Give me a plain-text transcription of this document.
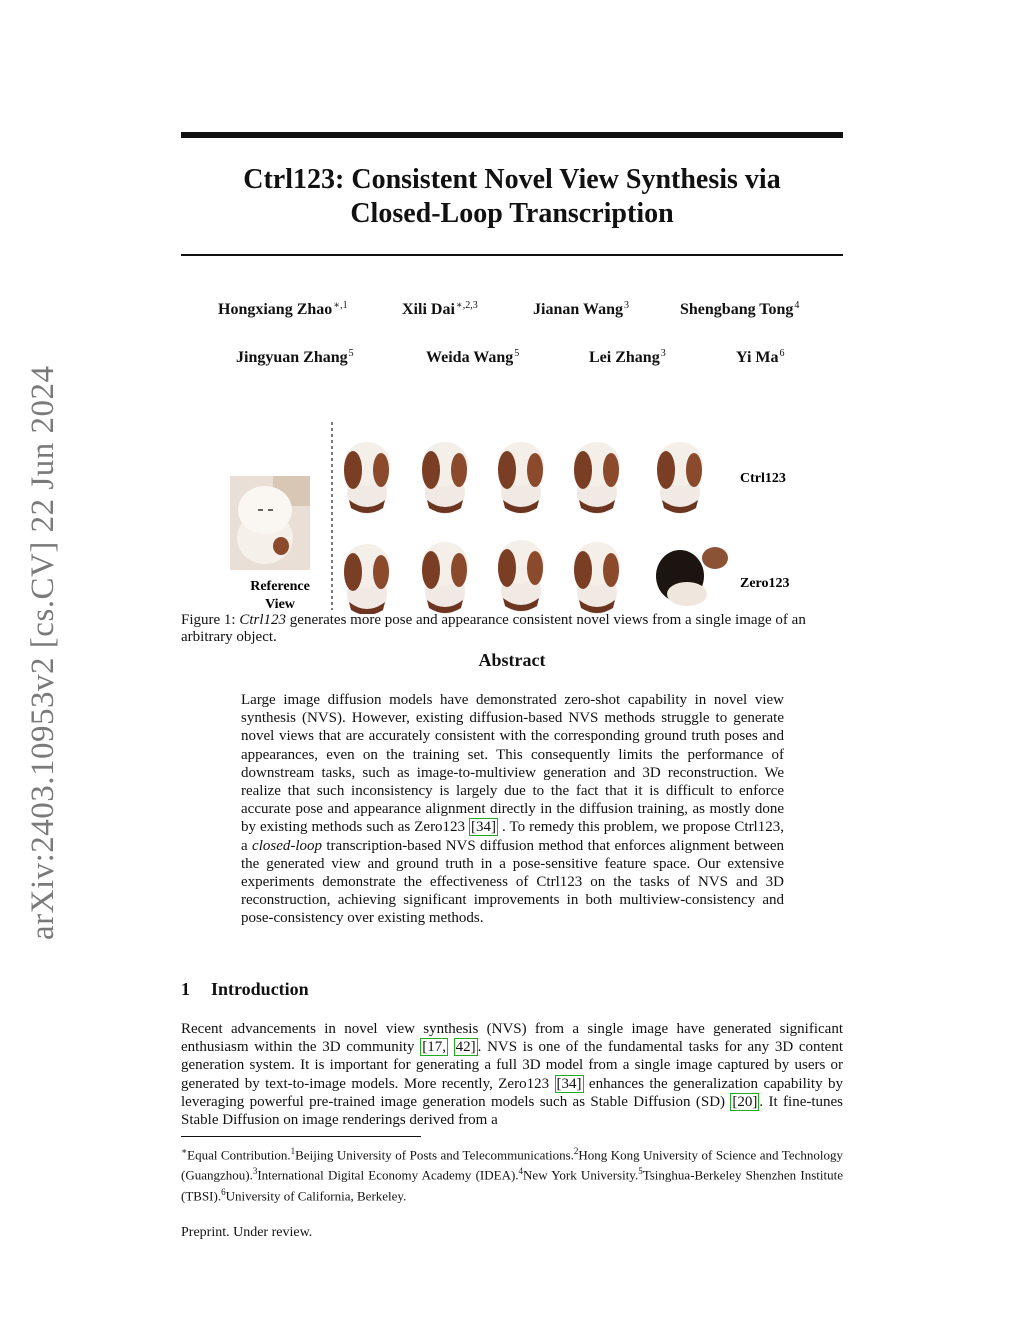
arXiv:2403.10953v2 [cs.CV] 22 Jun 2024
Ctrl123: Consistent Novel View Synthesis via
Closed-Loop Transcription
Hongxiang Zhao$^{∗,1}$	Xili Dai$^{∗,2,3}$	Jianan Wang$^3$	Shengbang Tong$^4$
Jingyuan Zhang$^5$	Weida Wang$^5$	Lei Zhang$^3$	Yi Ma$^6$
Reference
View
Ctrl123
Zero123
Figure 1: Ctrl123 generates more pose and appearance consistent novel views from a single image of an arbitrary object.
Abstract
Large image diffusion models have demonstrated zero-shot capability in novel view synthesis (NVS). However, existing diffusion-based NVS methods struggle to generate novel views that are accurately consistent with the corresponding ground truth poses and appearances, even on the training set. This consequently limits the performance of downstream tasks, such as image-to-multiview generation and 3D reconstruction. We realize that such inconsistency is largely due to the fact that it is difficult to enforce accurate pose and appearance alignment directly in the diffusion training, as mostly done by existing methods such as Zero123 [34] . To remedy this problem, we propose Ctrl123, a closed-loop transcription-based NVS diffusion method that enforces alignment between the generated view and ground truth in a pose-sensitive feature space. Our extensive experiments demonstrate the effectiveness of Ctrl123 on the tasks of NVS and 3D reconstruction, achieving significant improvements in both multiview-consistency and pose-consistency over existing methods.
1 Introduction
Recent advancements in novel view synthesis (NVS) from a single image have generated significant enthusiasm within the 3D community [17, 42] . NVS is one of the fundamental tasks for any 3D content generation system. It is important for generating a full 3D model from a single image captured by users or generated by text-to-image models. More recently, Zero123 [34] enhances the generalization capability by leveraging powerful pre-trained image generation models such as Stable Diffusion (SD) [20] . It fine-tunes Stable Diffusion on image renderings derived from a
∗Equal Contribution.$^1$Beijing University of Posts and Telecommunications.$^2$Hong Kong University of Science and Technology (Guangzhou).$^3$International Digital Economy Academy (IDEA).$^4$New York University.$^5$Tsinghua-Berkeley Shenzhen Institute (TBSI).$^6$University of California, Berkeley.
Preprint. Under review.
